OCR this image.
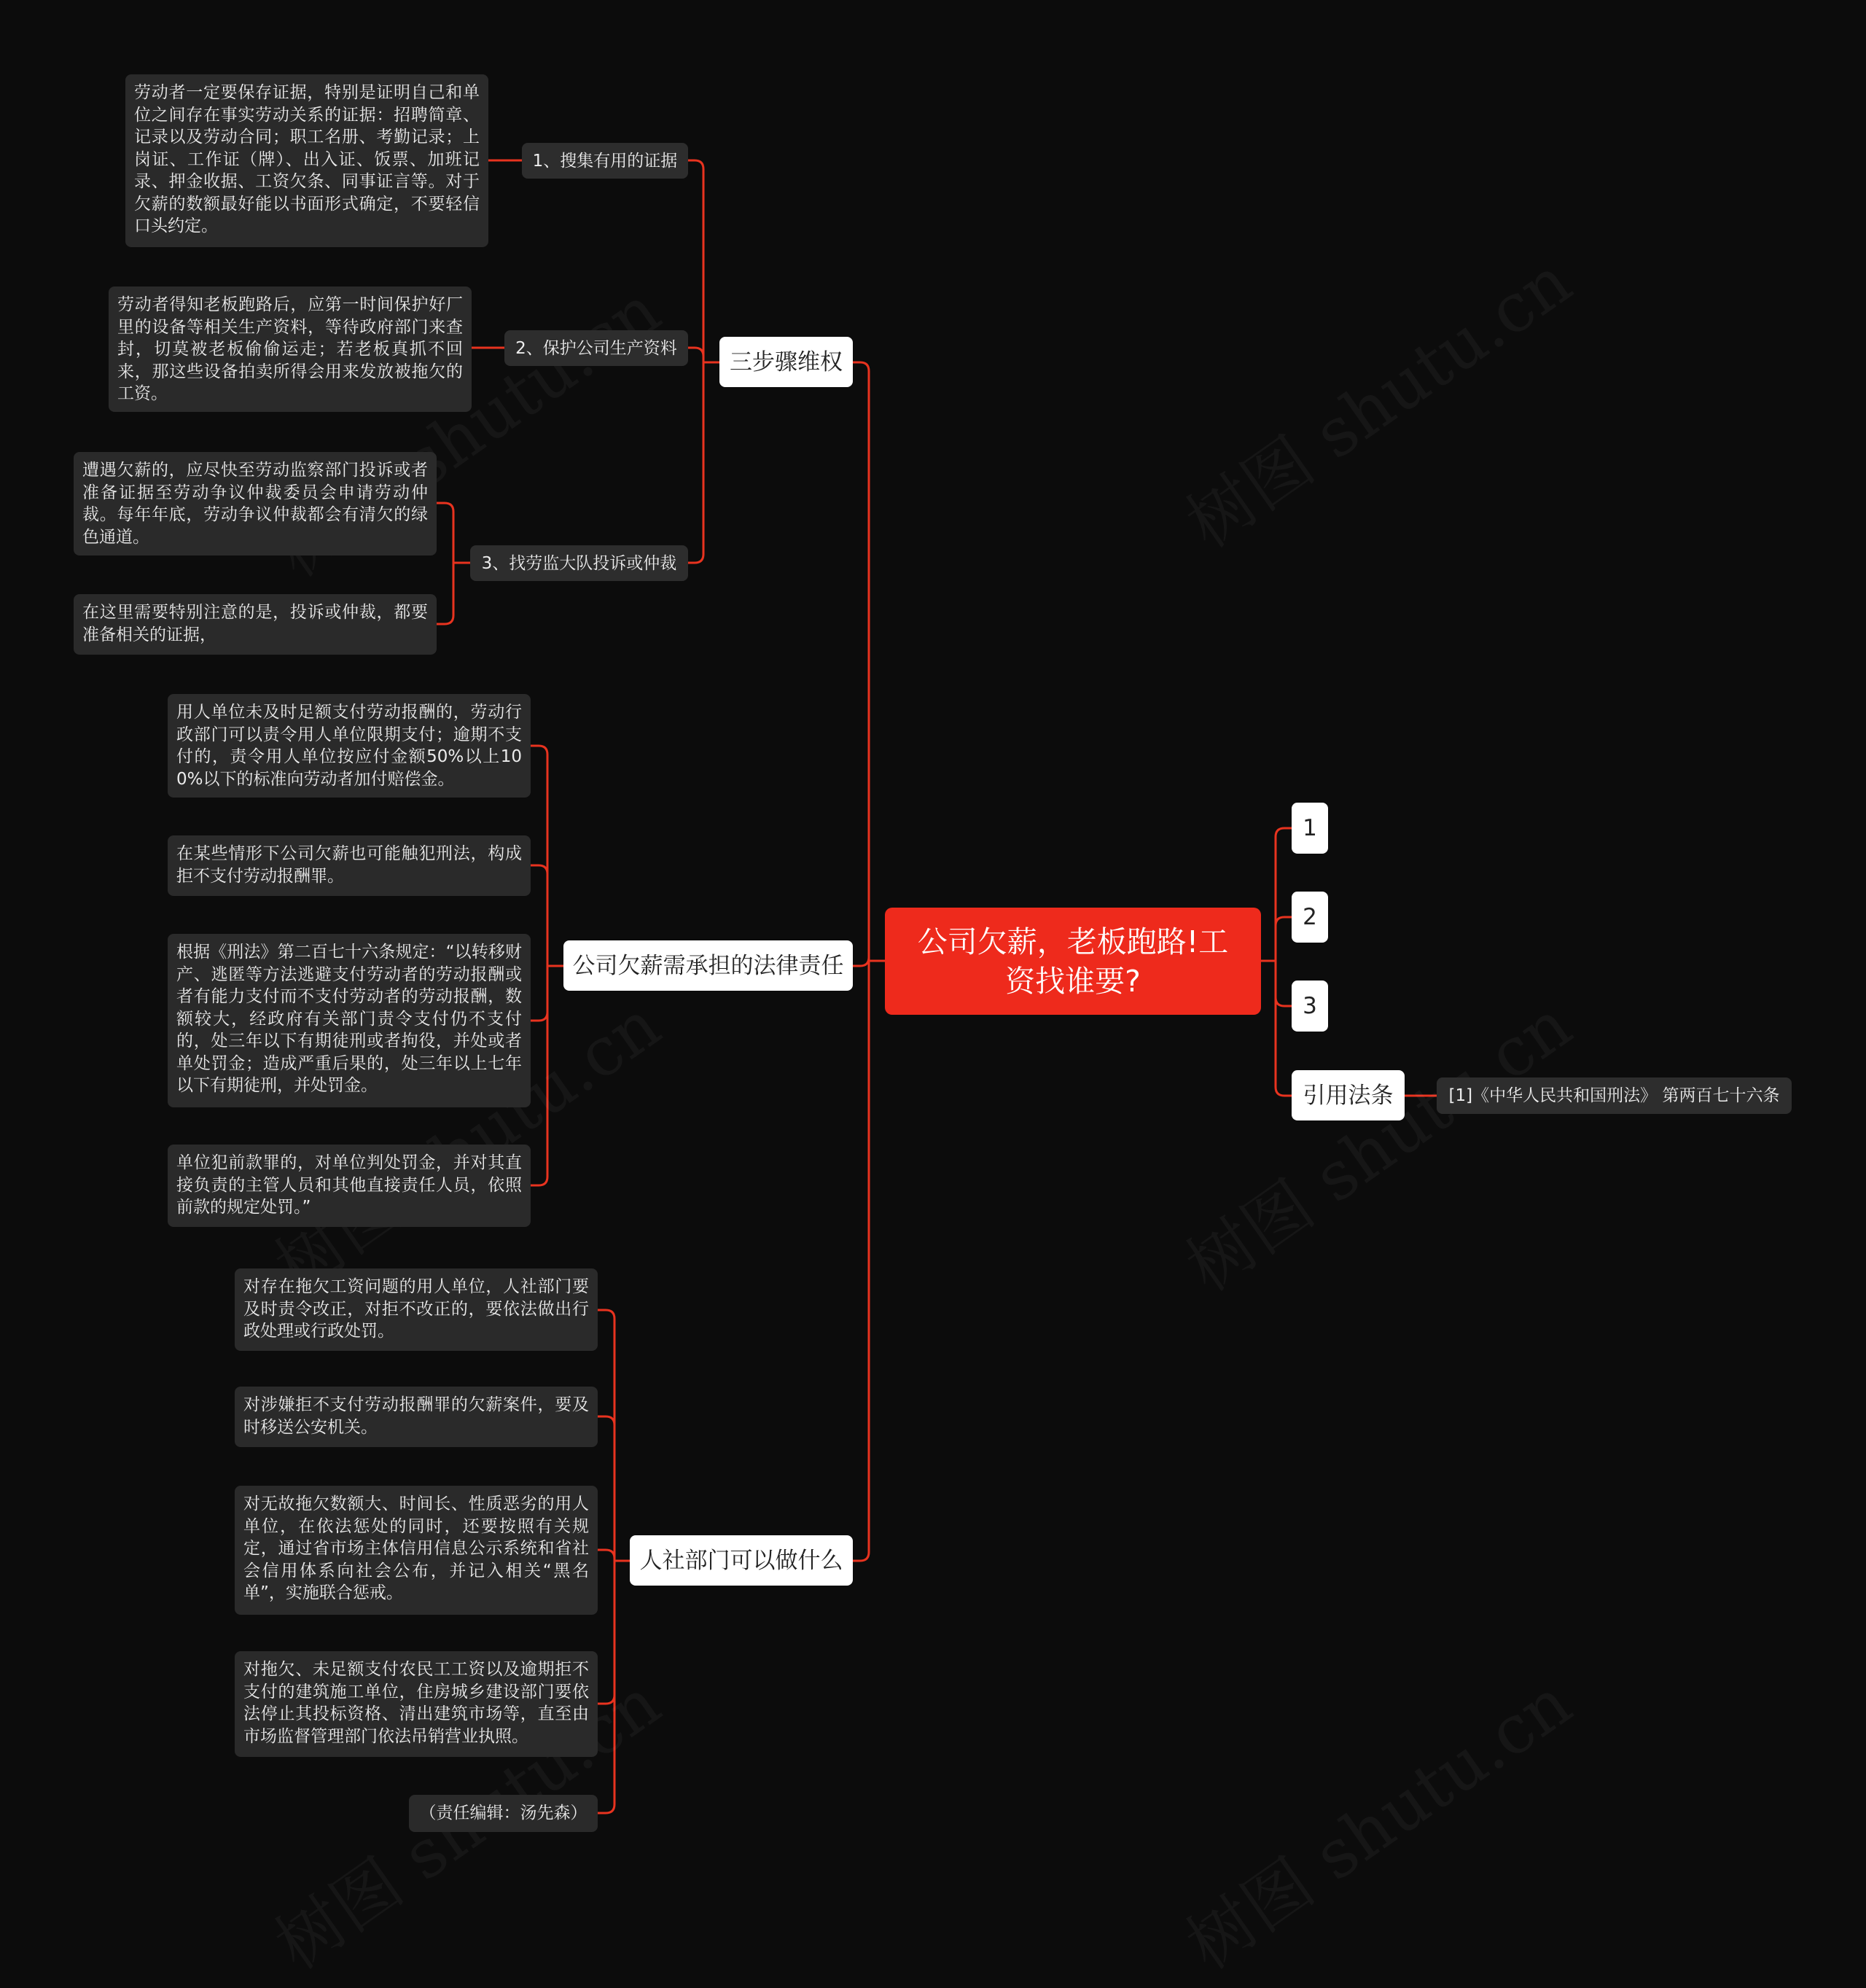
公司欠薪，老板跑路!工资找谁要?
三步骤维权
1、搜集有用的证据
劳动者一定要保存证据，特别是证明自己和单位之间存在事实劳动关系的证据：招聘简章、记录以及劳动合同；职工名册、考勤记录；上岗证、工作证（牌）、出入证、饭票、加班记录、押金收据、工资欠条、同事证言等。对于欠薪的数额最好能以书面形式确定，不要轻信口头约定。
2、保护公司生产资料
劳动者得知老板跑路后，应第一时间保护好厂里的设备等相关生产资料，等待政府部门来查封，切莫被老板偷偷运走；若老板真抓不回来，那这些设备拍卖所得会用来发放被拖欠的工资。
3、找劳监大队投诉或仲裁
遭遇欠薪的，应尽快至劳动监察部门投诉或者准备证据至劳动争议仲裁委员会申请劳动仲裁。每年年底，劳动争议仲裁都会有清欠的绿色通道。
在这里需要特别注意的是，投诉或仲裁，都要准备相关的证据，
公司欠薪需承担的法律责任
用人单位未及时足额支付劳动报酬的，劳动行政部门可以责令用人单位限期支付；逾期不支付的，责令用人单位按应付金额50%以上100%以下的标准向劳动者加付赔偿金。
在某些情形下公司欠薪也可能触犯刑法，构成拒不支付劳动报酬罪。
根据《刑法》第二百七十六条规定：“以转移财产、逃匿等方法逃避支付劳动者的劳动报酬或者有能力支付而不支付劳动者的劳动报酬，数额较大，经政府有关部门责令支付仍不支付的，处三年以下有期徒刑或者拘役，并处或者单处罚金；造成严重后果的，处三年以上七年以下有期徒刑，并处罚金。
单位犯前款罪的，对单位判处罚金，并对其直接负责的主管人员和其他直接责任人员，依照前款的规定处罚。”
人社部门可以做什么
对存在拖欠工资问题的用人单位，人社部门要及时责令改正，对拒不改正的，要依法做出行政处理或行政处罚。
对涉嫌拒不支付劳动报酬罪的欠薪案件，要及时移送公安机关。
对无故拖欠数额大、时间长、性质恶劣的用人单位，在依法惩处的同时，还要按照有关规定，通过省市场主体信用信息公示系统和省社会信用体系向社会公布，并记入相关“黑名单”，实施联合惩戒。
对拖欠、未足额支付农民工工资以及逾期拒不支付的建筑施工单位，住房城乡建设部门要依法停止其投标资格、清出建筑市场等，直至由市场监督管理部门依法吊销营业执照。
（责任编辑：汤先森）
1
2
3
引用法条	[1]《中华人民共和国刑法》 第两百七十六条
